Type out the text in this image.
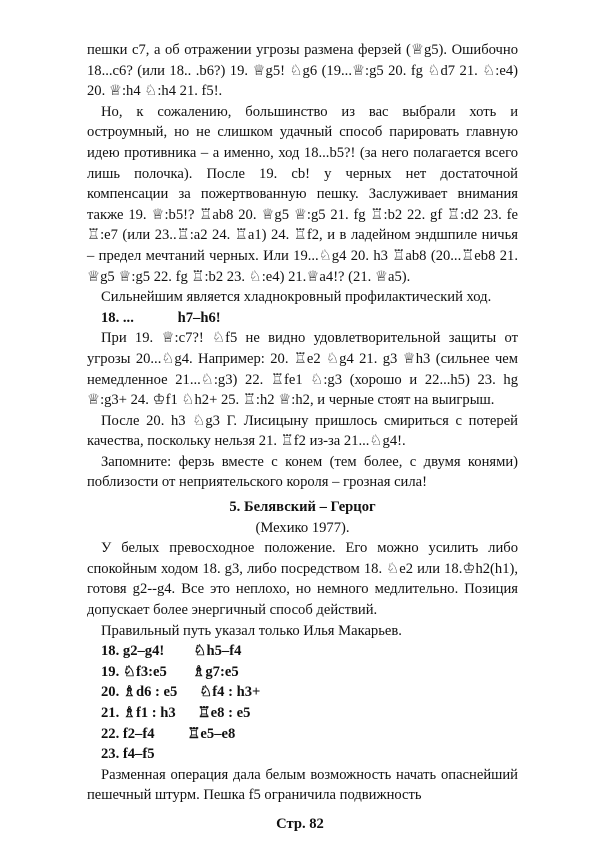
пешки c7, а об отражении угрозы размена ферзей (♕g5). Ошибочно 18...c6? (или 18.. .b6?) 19. ♕g5! ♘g6 (19...♕:g5 20. fg ♘d7 21. ♘:e4) 20. ♕:h4 ♘:h4 21. f5!.

Но, к сожалению, большинство из вас выбрали хоть и остроумный, но не слишком удачный способ парировать главную идею противника – а именно, ход 18...b5?! (за него полагается всего лишь полочка). После 19. cb! у черных нет достаточной компенсации за пожертвованную пешку. Заслуживает внимания также 19. ♕:b5!? ♖ab8 20. ♕g5 ♕:g5 21. fg ♖:b2 22. gf ♖:d2 23. fe ♖:e7 (или 23..♖:a2 24. ♖a1) 24. ♖f2, и в ладейном эндшпиле ничья – предел мечтаний черных. Или 19...♘g4 20. h3 ♖ab8 (20...♖eb8 21. ♕g5 ♕:g5 22. fg ♖:b2 23. ♘:e4) 21.♕a4!? (21. ♕a5).

Сильнейшим является хладнокровный профилактический ход.

18. ...            h7–h6!

При 19. ♕:c7?! ♘f5 не видно удовлетворительной защиты от угрозы 20...♘g4. Например: 20. ♖e2 ♘g4 21. g3 ♕h3 (сильнее чем немедленное 21...♘:g3) 22. ♖fe1 ♘:g3 (хорошо и 22...h5) 23. hg ♕:g3+ 24. ♔f1 ♘h2+ 25. ♖:h2 ♕:h2, и черные стоят на выигрыш.

После 20. h3 ♘g3 Г. Лисицыну пришлось смириться с потерей качества, поскольку нельзя 21. ♖f2 из-за 21...♘g4!.

Запомните: ферзь вместе с конем (тем более, с двумя конями) поблизости от неприятельского короля – грозная сила!

5. Белявский – Герцог

(Мехико 1977).

У белых превосходное положение. Его можно усилить либо спокойным ходом 18. g3, либо посредством 18. ♘e2 или 18.♔h2(h1), готовя g2--g4. Все это неплохо, но немного медлительно. Позиция допускает более энергичный способ действий.

Правильный путь указал только Илья Макарьев.

18. g2–g4!        ♘h5–f4

19. ♘f3:e5       ♗g7:e5

20. ♗d6 : e5      ♘f4 : h3+

21. ♗f1 : h3      ♖e8 : e5

22. f2–f4         ♖e5–e8

23. f4–f5

Разменная операция дала белым возможность начать опаснейший пешечный штурм. Пешка f5 ограничила подвижность

Стр. 82
